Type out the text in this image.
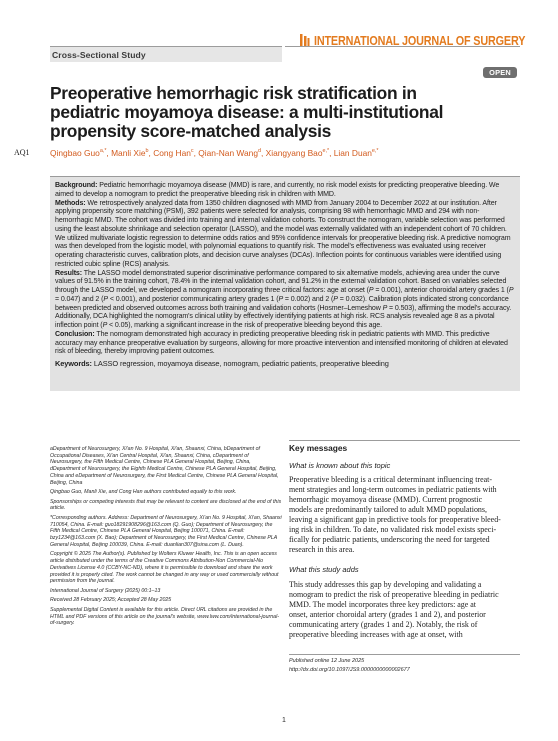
Cross-Sectional Study
INTERNATIONAL JOURNAL OF SURGERY
OPEN
Preoperative hemorrhagic risk stratification in
pediatric moyamoya disease: a multi-institutional
propensity score-matched analysis
AQ1 Qingbao Guo$^{a,*}$, Manli Xie$^b$, Cong Han$^c$, Qian-Nan Wang$^d$, Xiangyang Bao$^{e,*}$, Lian Duan$^{e,*}$

Background: Pediatric hemorrhagic moyamoya disease (MMD) is rare, and currently, no risk model exists for predicting preoperative bleeding. We aimed to develop a nomogram to predict the preoperative bleeding risk in children with MMD.

Methods: We retrospectively analyzed data from 1350 children diagnosed with MMD from January 2004 to December 2022 at our institution. After applying propensity score matching (PSM), 392 patients were selected for analysis, comprising 98 with hemorrhagic MMD and 294 with non-hemorrhagic MMD. The cohort was divided into training and internal validation cohorts. To construct the nomogram, variable selection was performed using the least absolute shrinkage and selection operator (LASSO), and the model was externally validated with an independent cohort of 70 children. We utilized multivariate logistic regression to determine odds ratios and 95% confidence intervals for preoperative bleeding risk. A predictive nomogram was then developed from the logistic model, with polynomial equations to quantify risk. The model's effectiveness was evaluated using receiver operating characteristic curves, calibration plots, and decision curve analyses (DCAs). Inflection points for continuous variables were identified using restricted cubic spline (RCS) analysis.

Results: The LASSO model demonstrated superior discriminative performance compared to six alternative models, achieving area under the curve values of 91.5% in the training cohort, 78.4% in the internal validation cohort, and 91.2% in the external validation cohort. Based on variables selected through the LASSO model, we developed a nomogram incorporating three critical factors: age at onset (P = 0.001), anterior choroidal artery grades 1 (P = 0.047) and 2 (P < 0.001), and posterior communicating artery grades 1 (P = 0.002) and 2 (P = 0.032). Calibration plots indicated strong concordance between predicted and observed outcomes across both training and validation cohorts (Hosmer–Lemeshow P = 0.503), affirming the model's accuracy. Additionally, DCA highlighted the nomogram's clinical utility by effectively identifying patients at high risk. RCS analysis revealed age 8 as a pivotal inflection point (P < 0.05), marking a significant increase in the risk of preoperative bleeding beyond this age.

Conclusion: The nomogram demonstrated high accuracy in predicting preoperative bleeding risk in pediatric patients with MMD. This predictive accuracy may enhance preoperative evaluation by surgeons, allowing for more proactive intervention and intensified monitoring of children at elevated risk of bleeding, thereby improving patient outcomes.

Keywords: LASSO regression, moyamoya disease, nomogram, pediatric patients, preoperative bleeding

aDepartment of Neurosurgery, Xi'an No. 9 Hospital, Xi'an, Shaanxi, China, bDepartment of Occupational Diseases, Xi'an Central Hospital, Xi'an, Shaanxi, China, cDepartment of Neurosurgery, the Fifth Medical Centre, Chinese PLA General Hospital, Beijing, China, dDepartment of Neurosurgery, the Eighth Medical Centre, Chinese PLA General Hospital, Beijing, China and eDepartment of Neurosurgery, the First Medical Centre, Chinese PLA General Hospital, Beijing, China

Qingbao Guo, Manli Xie, and Cong Han authors contributed equally to this work.

Sponsorships or competing interests that may be relevant to content are disclosed at the end of this article.

*Corresponding authors. Address: Department of Neurosurgery, Xi'an No. 9 Hospital, Xi'an, Shaanxi 710054, China. E-mail: guo18291908296@163.com (Q. Guo); Department of Neurosurgery, the Fifth Medical Centre, Chinese PLA General Hospital, Beijing 100071, China. E-mail: bzy1234@163.com (X. Bao); Department of Neurosurgery, the First Medical Centre, Chinese PLA General Hospital, Beijing 100039, China. E-mail: duanlian307@sina.com (L. Duan).

Copyright © 2025 The Author(s). Published by Wolters Kluwer Health, Inc. This is an open access article distributed under the terms of the Creative Commons Attribution-Non Commercial-No Derivatives License 4.0 (CCBY-NC-ND), where it is permissible to download and share the work provided it is properly cited. The work cannot be changed in any way or used commercially without permission from the journal.

International Journal of Surgery (2025) 00:1–13

Received 28 February 2025; Accepted 28 May 2025

Supplemental Digital Content is available for this article. Direct URL citations are provided in the HTML and PDF versions of this article on the journal's website, www.lww.com/international-journal-of-surgery.

Key messages
What is known about this topic
Preoperative bleeding is a critical determinant influencing treat-
ment strategies and long-term outcomes in pediatric patients with
hemorrhagic moyamoya disease (MMD). Current prognostic
models are predominantly tailored to adult MMD populations,
leaving a significant gap in predictive tools for preoperative bleed-
ing risk in children. To date, no validated risk model exists speci-
fically for pediatric patients, underscoring the need for targeted
research in this area.
What this study adds
This study addresses this gap by developing and validating a
nomogram to predict the risk of preoperative bleeding in pediatric
MMD. The model incorporates three key predictors: age at
onset, anterior choroidal artery (grades 1 and 2), and posterior
communicating artery (grades 1 and 2). Notably, the risk of
preoperative bleeding increases with age at onset, with
Published online 12 June 2025
http://dx.doi.org/10.1097/JS9.0000000000002677
1
